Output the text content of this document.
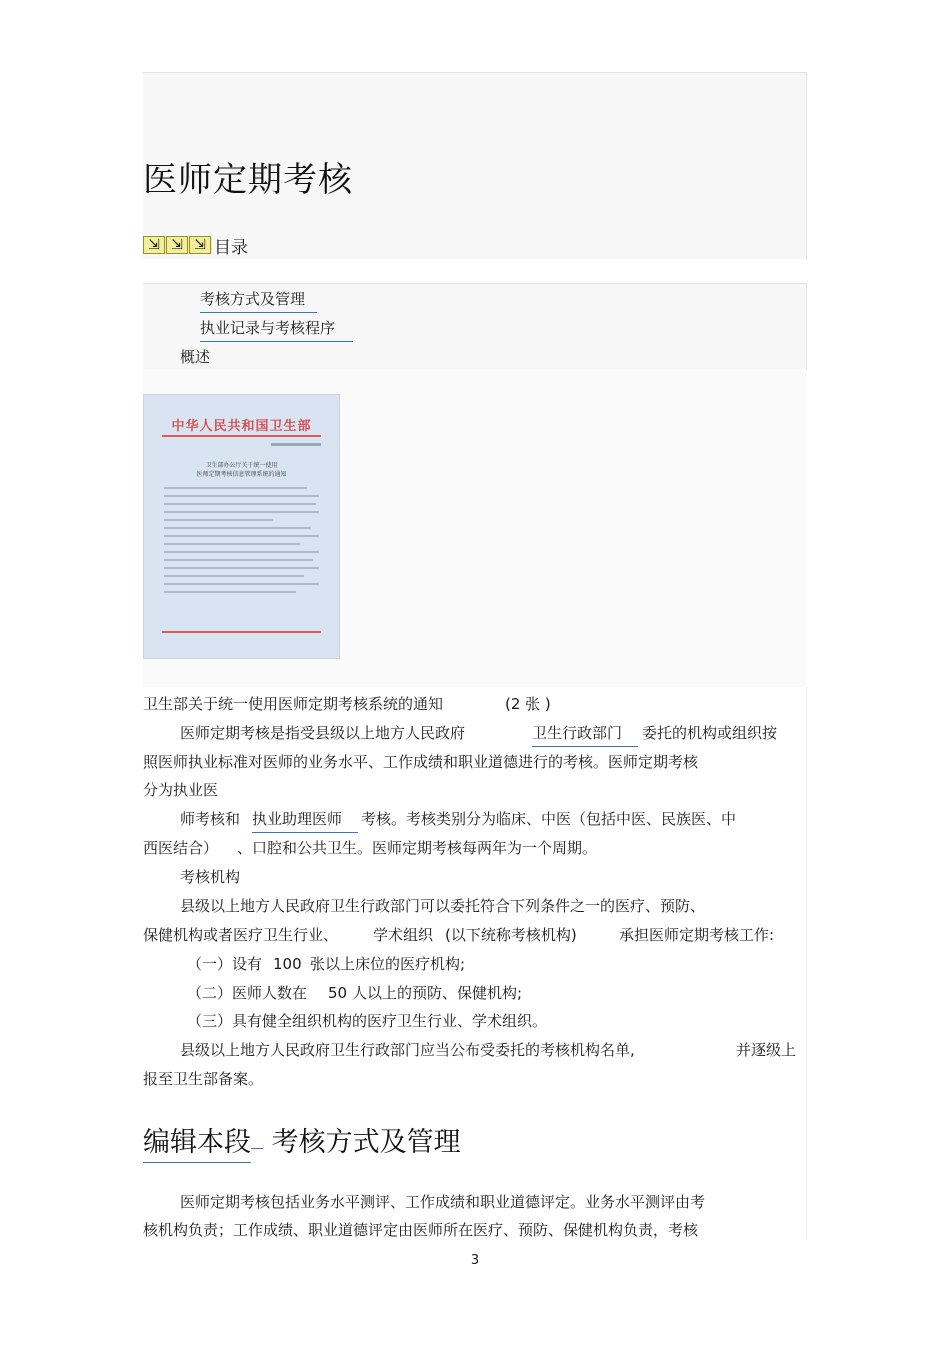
医师定期考核
⇲ ⇲ ⇲ 目录
考核方式及管理
执业记录与考核程序
概述
中华人民共和国卫生部
卫生部办公厅关于统一使用
医师定期考核信息管理系统的通知
卫生部关于统一使用医师定期考核系统的通知	(2 张 )
医师定期考核是指受县级以上地方人民政府	卫生行政部门	委托的机构或组织按
照医师执业标准对医师的业务水平、工作成绩和职业道德进行的考核。医师定期考核
分为执业医
师考核和 执业助理医师	考核。考核类别分为临床、中医（包括中医、民族医、中
西医结合） 、口腔和公共卫生。医师定期考核每两年为一个周期。
考核机构
县级以上地方人民政府卫生行政部门可以委托符合下列条件之一的医疗、预防、
保健机构或者医疗卫生行业、 学术组织 (以下统称考核机构)	承担医师定期考核工作:
（一）设有 100 张以上床位的医疗机构;
（二）医师人数在 50 人以上的预防、保健机构;
（三）具有健全组织机构的医疗卫生行业、学术组织。
县级以上地方人民政府卫生行政部门应当公布受委托的考核机构名单,	并逐级上
报至卫生部备案。
编辑本段 考核方式及管理
医师定期考核包括业务水平测评、工作成绩和职业道德评定。业务水平测评由考
核机构负责；工作成绩、职业道德评定由医师所在医疗、预防、保健机构负责，考核
3
